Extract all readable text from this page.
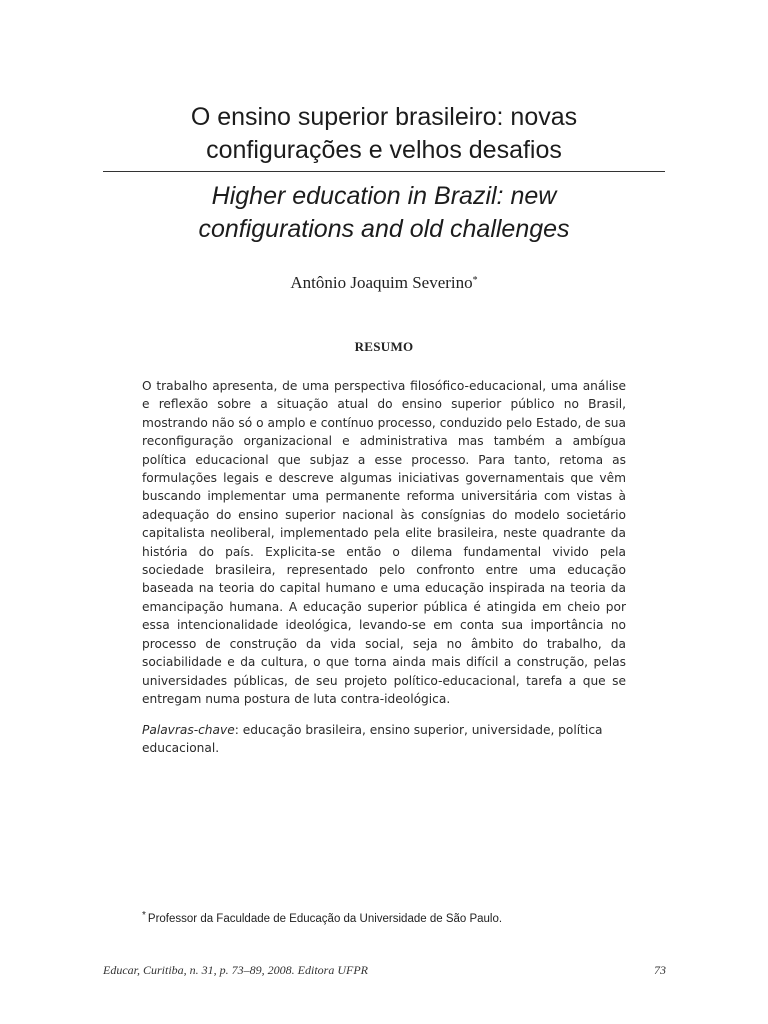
O ensino superior brasileiro: novas
configurações e velhos desafios
Higher education in Brazil: new
configurations and old challenges
Antônio Joaquim Severino*
RESUMO

O trabalho apresenta, de uma perspectiva filosófico-educacional, uma análise e reflexão sobre a situação atual do ensino superior público no Brasil, mostrando não só o amplo e contínuo processo, conduzido pelo Estado, de sua reconfiguração organizacional e administrativa mas também a ambígua política educacional que subjaz a esse processo. Para tanto, retoma as formulações legais e descreve algumas iniciativas governamentais que vêm buscando implementar uma permanente reforma universitária com vistas à adequação do ensino superior nacional às consígnias do modelo societário capitalista neoliberal, implementado pela elite brasileira, neste quadrante da história do país. Explicita-se então o dilema fundamental vivido pela sociedade brasileira, representado pelo confronto entre uma educação baseada na teoria do capital humano e uma educação inspirada na teoria da emancipação humana. A educação superior pública é atingida em cheio por essa intencionalidade ideológica, levando-se em conta sua importância no processo de construção da vida social, seja no âmbito do trabalho, da sociabilidade e da cultura, o que torna ainda mais difícil a construção, pelas universidades públicas, de seu projeto político-educacional, tarefa a que se entregam numa postura de luta contra-ideológica.

Palavras-chave: educação brasileira, ensino superior, universidade, política educacional.

* Professor da Faculdade de Educação da Universidade de São Paulo.
Educar, Curitiba, n. 31, p. 73–89, 2008. Editora UFPR	73
